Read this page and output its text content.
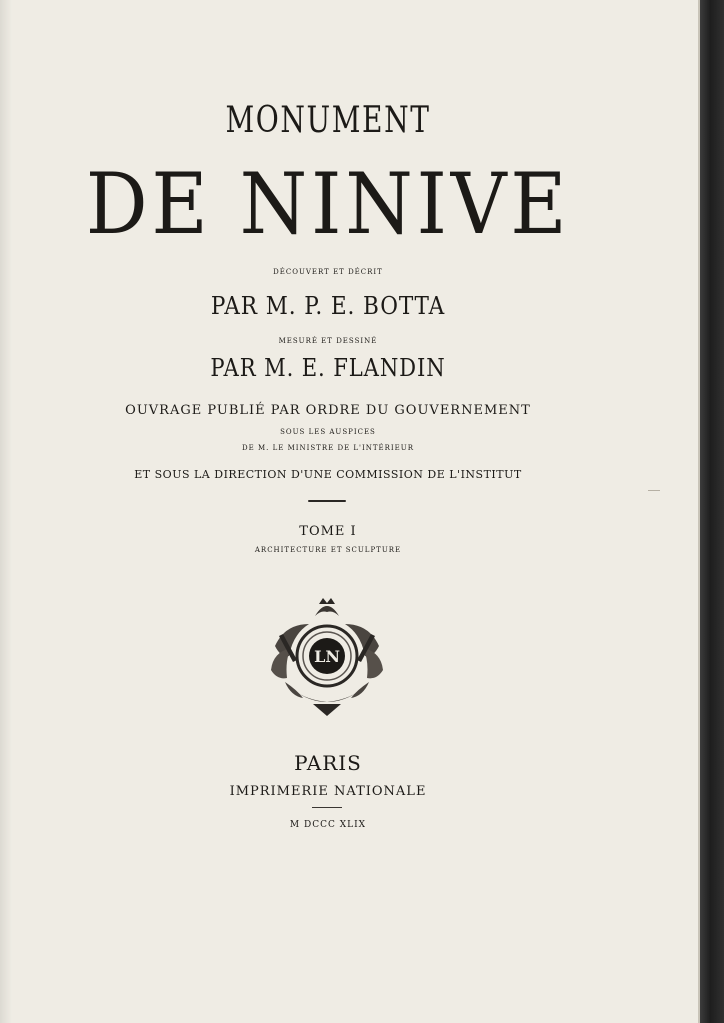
MONUMENT
DE NINIVE
DÉCOUVERT ET DÉCRIT
PAR M. P. E. BOTTA
MESURÉ ET DESSINÉ
PAR M. E. FLANDIN
OUVRAGE PUBLIÉ PAR ORDRE DU GOUVERNEMENT
SOUS LES AUSPICES
DE M. LE MINISTRE DE L'INTÉRIEUR
ET SOUS LA DIRECTION D'UNE COMMISSION DE L'INSTITUT
TOME I
ARCHITECTURE ET SCULPTURE
LN
PARIS
IMPRIMERIE NATIONALE
M DCCC XLIX
